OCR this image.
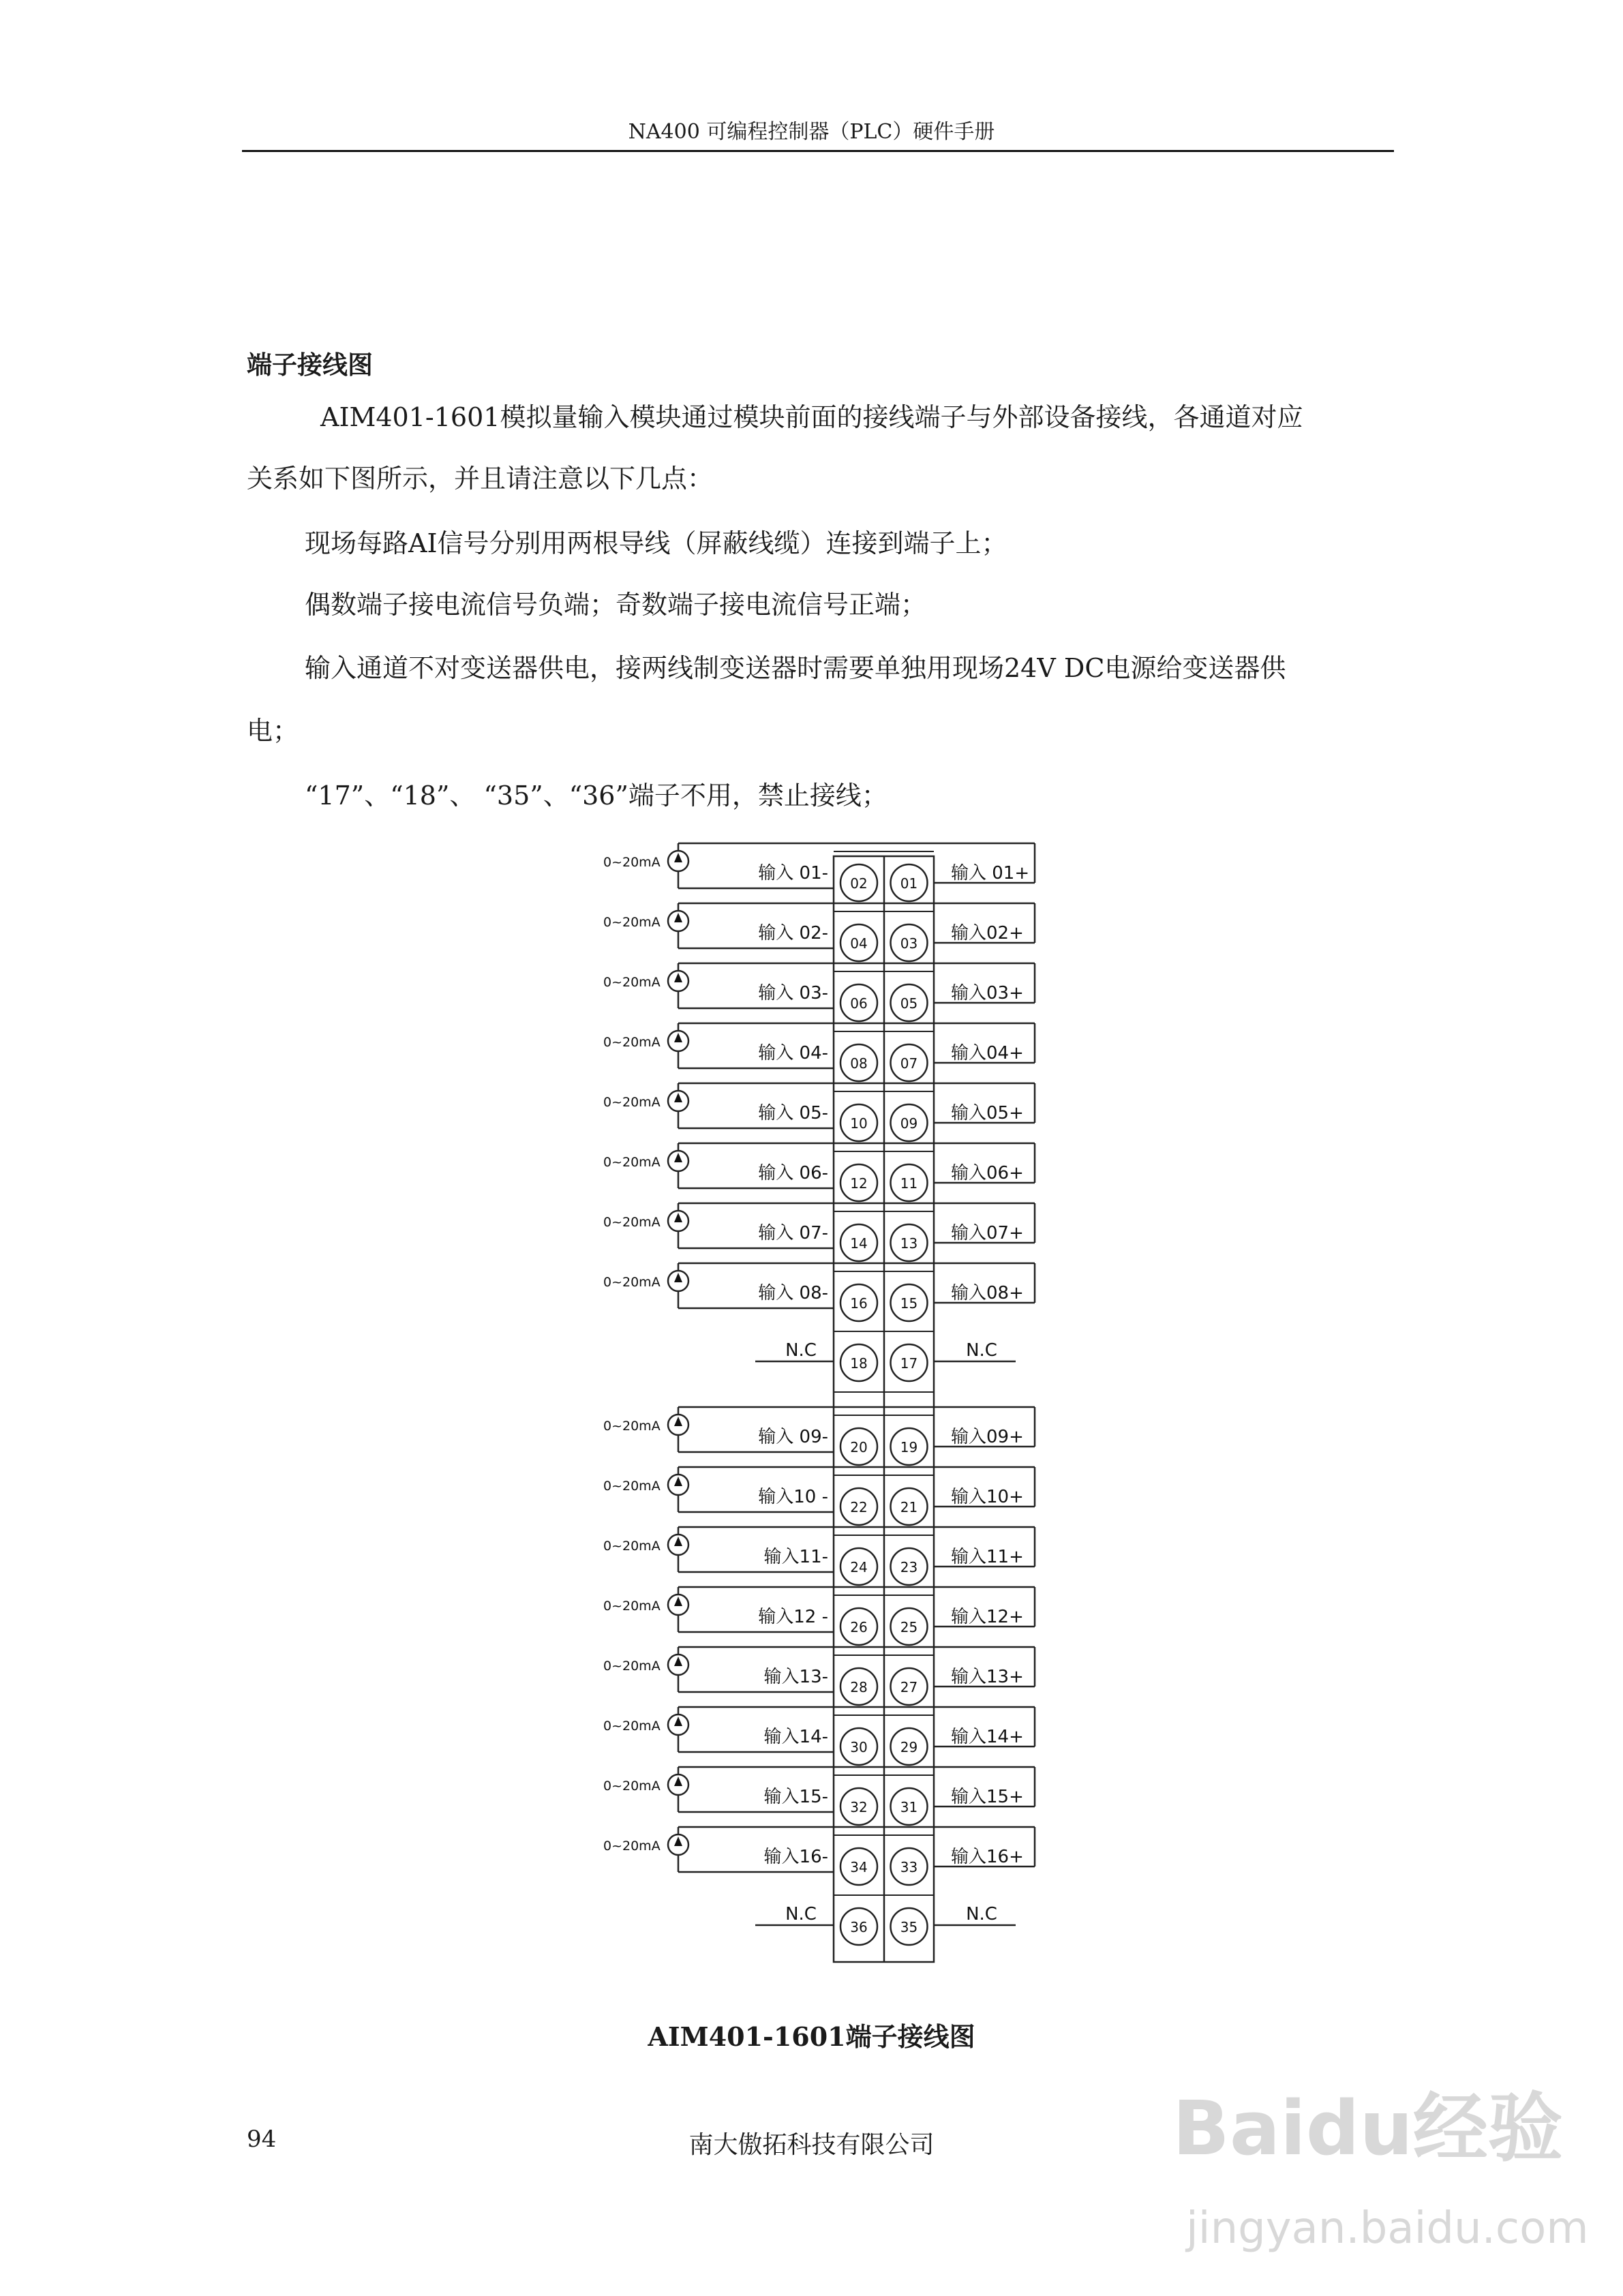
NA400 可编程控制器（PLC）硬件手册
端子接线图
AIM401-1601模拟量输入模块通过模块前面的接线端子与外部设备接线，各通道对应
关系如下图所示，并且请注意以下几点：
现场每路AI信号分别用两根导线（屏蔽线缆）连接到端子上；
偶数端子接电流信号负端；奇数端子接电流信号正端；
输入通道不对变送器供电，接两线制变送器时需要单独用现场24V DC电源给变送器供
电；
“17”、“18”、 “35”、“36”端子不用，禁止接线；
02 01
0~20mA
输入 01-	输入 01+
04 03
0~20mA
输入 02-	输入02+
06 05
0~20mA
输入 03-	输入03+
08 07
0~20mA
输入 04-	输入04+
10 09
0~20mA
输入 05-	输入05+
12 11
0~20mA
输入 06-	输入06+
14 13
0~20mA
输入 07-	输入07+
16 15
0~20mA
输入 08-	输入08+
18 17
N.C	N.C
20 19
0~20mA
输入 09-	输入09+
22 21
0~20mA
输入10 -	输入10+
24 23
0~20mA
输入11-	输入11+
26 25
0~20mA
输入12 -	输入12+
28 27
0~20mA
输入13-	输入13+
30 29
0~20mA
输入14-	输入14+
32 31
0~20mA
输入15-	输入15+
34 33
0~20mA
输入16-	输入16+
36 35
N.C	N.C
AIM401-1601端子接线图
94	南大傲拓科技有限公司	Baidu经验
jingyan.baidu.com
